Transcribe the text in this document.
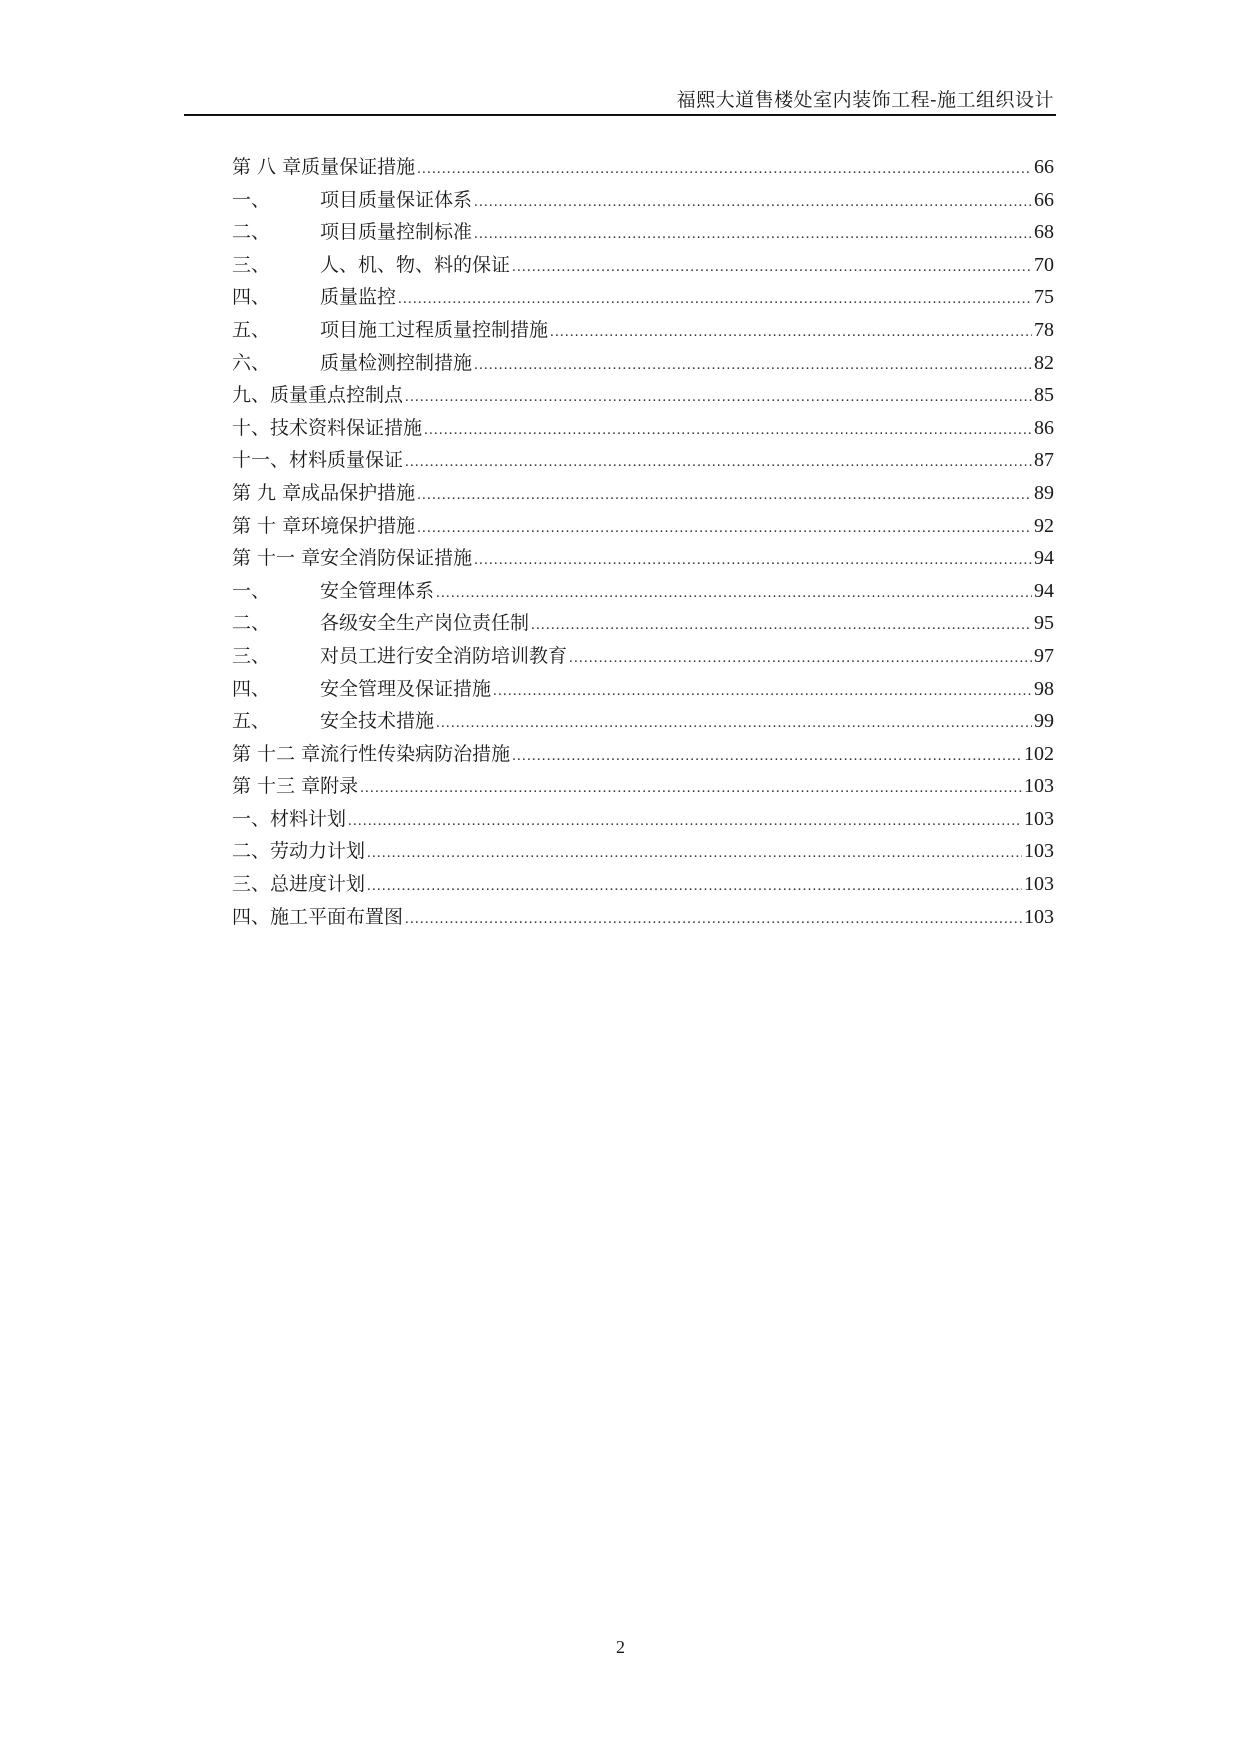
福熙大道售楼处室内装饰工程-施工组织设计
第 八 章 质量保证措施 .....	66
一、	项目质量保证体系 .....	66
二、	项目质量控制标准 .....	68
三、	人、机、物、料的保证 .....	70
四、	质量监控 .....	75
五、	项目施工过程质量控制措施 .....	78
六、	质量检测控制措施 .....	82
九、 质量重点控制点 .....	85
十、 技术资料保证措施 .....	86
十一、 材料质量保证 .....	87
第 九 章 成品保护措施 .....	89
第 十 章 环境保护措施 .....	92
第 十一 章 安全消防保证措施 .....	94
一、	安全管理体系 .....	94
二、	各级安全生产岗位责任制 .....	95
三、	对员工进行安全消防培训教育 .....	97
四、	安全管理及保证措施 .....	98
五、	安全技术措施 .....	99
第 十二 章 流行性传染病防治措施 .....	102
第 十三 章 附录 .....	103
一、 材料计划 .....	103
二、 劳动力计划 .....	103
三、 总进度计划 .....	103
四、 施工平面布置图 .....	103
2
